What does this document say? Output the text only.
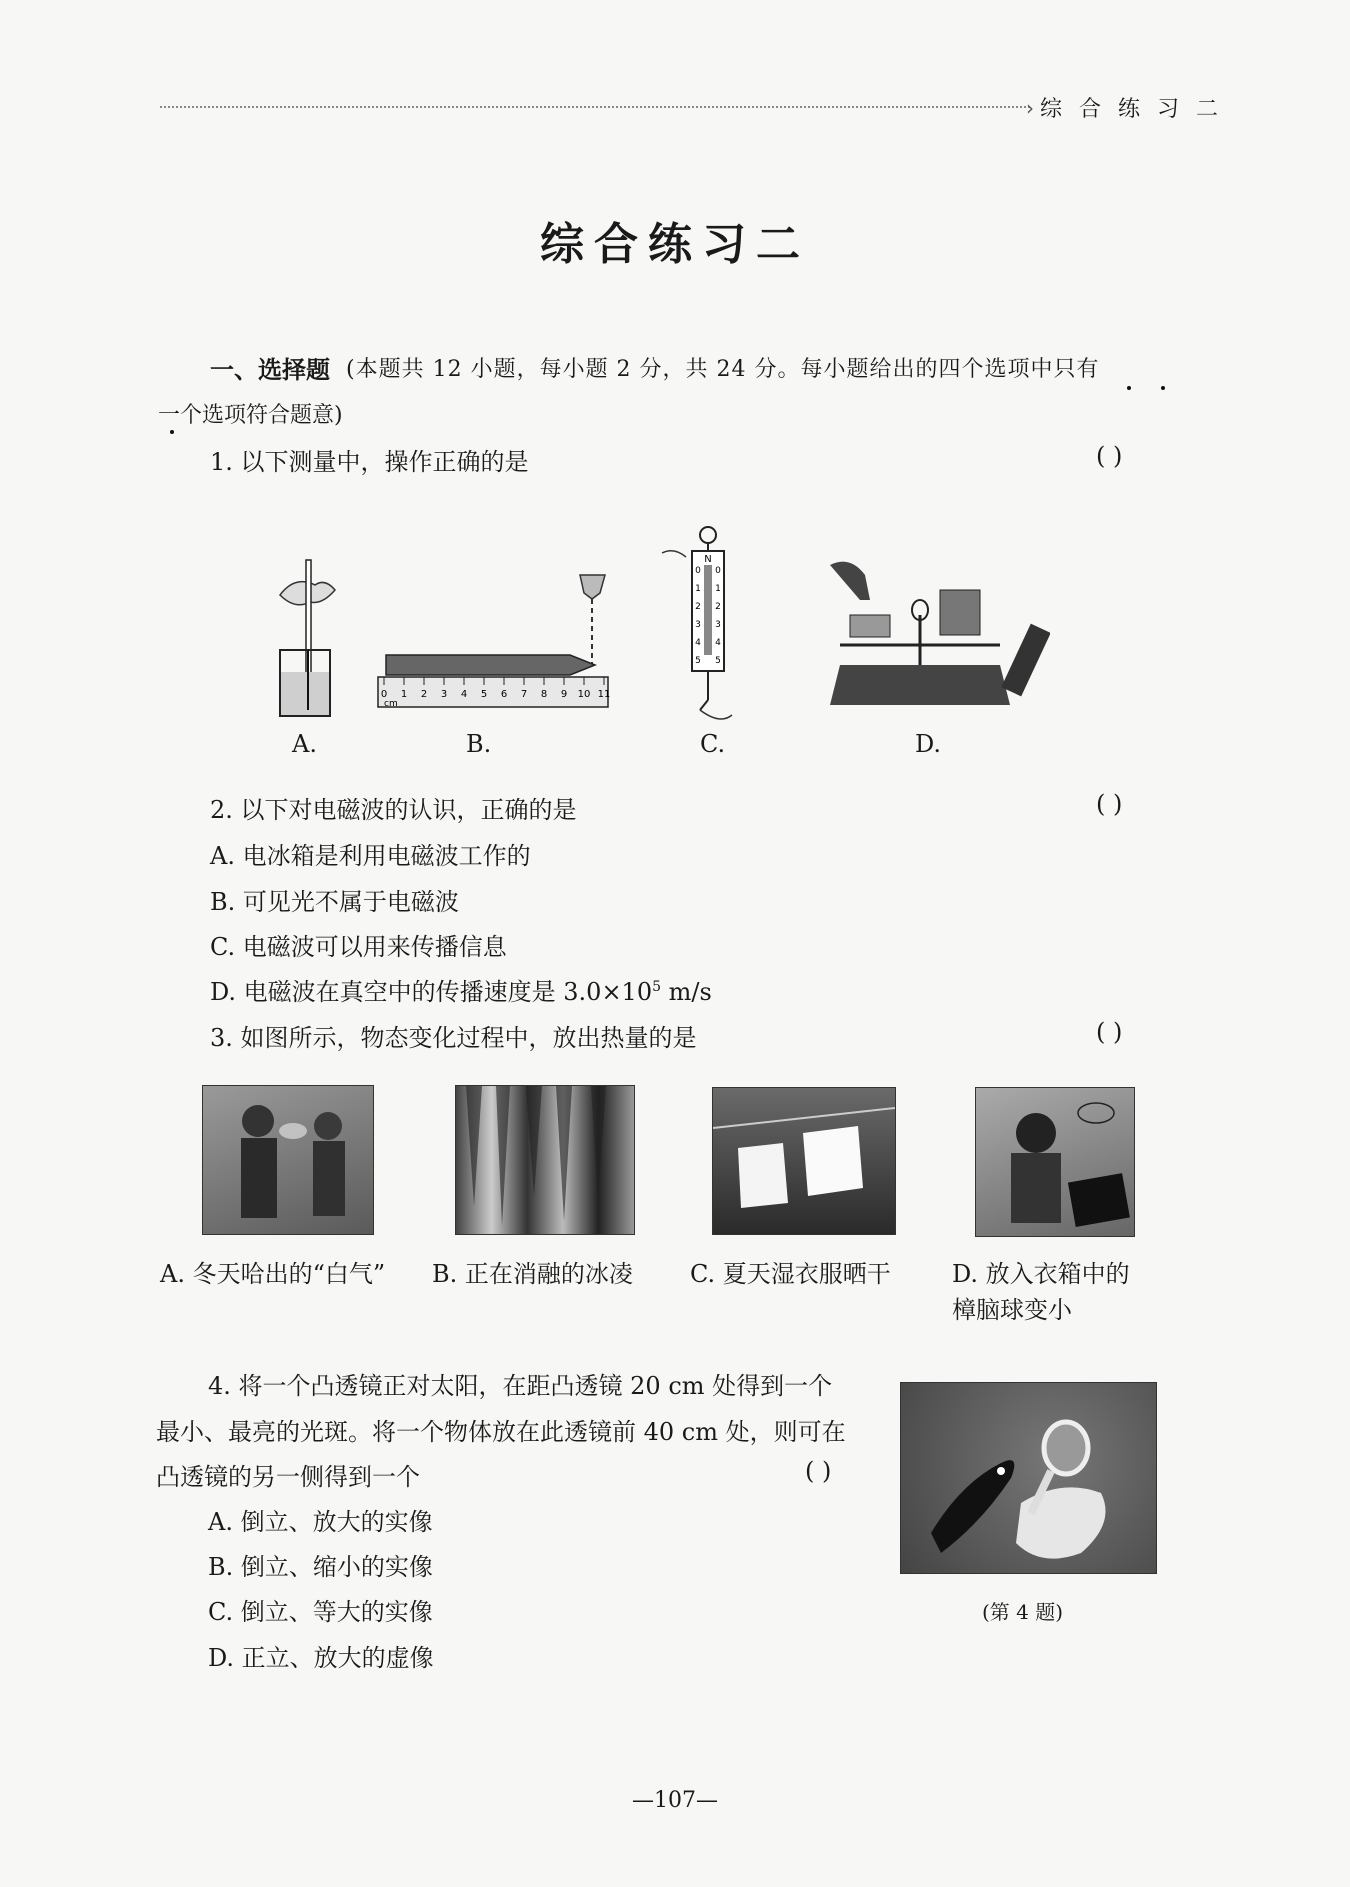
› 综 合 练 习 二
综合练习二
一、选择题 (本题共 12 小题，每小题 2 分，共 24 分。每小题给出的四个选项中只有
一个选项符合题意)
1. 以下测量中，操作正确的是	( )
A.
0 1 2 3 4 5 6 7 8 9 10 11
cm
B.
N
0 0
1 1
2 2
3 3
4 4
5 5
C.	D.
2. 以下对电磁波的认识，正确的是	( )
A. 电冰箱是利用电磁波工作的
B. 可见光不属于电磁波
C. 电磁波可以用来传播信息
D. 电磁波在真空中的传播速度是 $3.0\times 10^5$ m/s
3. 如图所示，物态变化过程中，放出热量的是	( )
A. 冬天哈出的“白气” B. 正在消融的冰凌 C. 夏天湿衣服晒干	D. 放入衣箱中的
樟脑球变小
4. 将一个凸透镜正对太阳，在距凸透镜 20 cm 处得到一个
最小、最亮的光斑。将一个物体放在此透镜前 40 cm 处，则可在
凸透镜的另一侧得到一个	( )
A. 倒立、放大的实像
B. 倒立、缩小的实像
C. 倒立、等大的实像
D. 正立、放大的虚像
(第 4 题)
—107—
